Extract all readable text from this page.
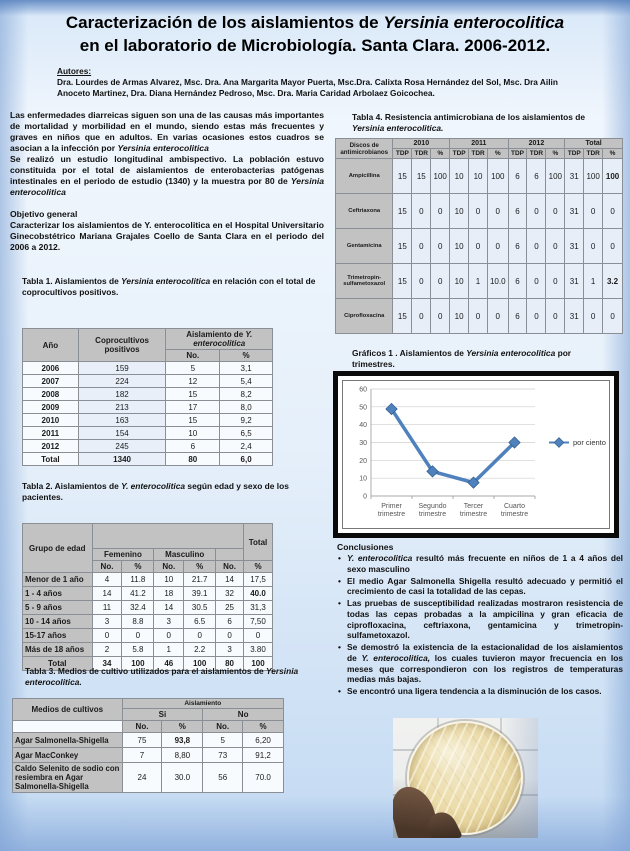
Caracterización de los aislamientos de Yersinia enterocolitica
en el laboratorio de Microbiología. Santa Clara. 2006-2012.
Autores:
Dra. Lourdes de Armas Alvarez, Msc. Dra. Ana Margarita Mayor Puerta, Msc.Dra. Calixta Rosa Hernández del Sol, Msc. Dra Ailin Anoceto Martinez, Dra. Diana Hernández Pedroso, Msc. Dra. Maria Caridad Arbolaez Goicochea.
Las enfermedades diarreicas siguen son una de las causas más importantes de mortalidad y morbilidad en el mundo, siendo estas más frecuentes y graves en niños que en adultos. En varias ocasiones estos cuadros se asocian a la infección por Yersinia enterocolitica
Se realizó un estudio longitudinal ambispectivo. La población estuvo constituida por el total de aislamientos de enterobacterias patógenas intestinales en el periodo de estudio (1340) y la muestra por 80 de Yersinia enterocolitica
Objetivo general
Caracterizar los aislamientos de Y. enterocolitica en el Hospital Universitario Ginecobstétrico Mariana Grajales Coello de Santa Clara en el periodo del 2006 a 2012.
Tabla 1. Aislamientos de Yersinia enterocolitica en relación con el total de coprocultivos positivos.
Año	Coprocultivos positivos	Aislamiento de Y. enterocolitica	
		No.	%
2006	159	5	3,1
2007	224	12	5,4
2008	182	15	8,2
2009	213	17	8,0
2010	163	15	9,2
2011	154	10	6,5
2012	245	6	2,4
Total	1340	80	6,0
Tabla 2. Aislamientos de Y. enterocolitica según edad y sexo de los pacientes.
Grupo de edad						Total
	Femenino		Masculino			
	No.	%	No.	%	No.	%
Menor de 1 año	4	11.8	10	21.7	14	17,5
1 - 4 años	14	41.2	18	39.1	32	40.0
5 - 9 años	11	32.4	14	30.5	25	31,3
10 - 14 años	3	8.8	3	6.5	6	7,50
15-17 años	0	0	0	0	0	0
Más de 18 años	2	5.8	1	2.2	3	3.80
Total	34	100	46	100	80	100
Tabla 3. Medios de cultivo utilizados para el aislamientos de Yersinia enterocolitica.
Medios de cultivos	Aislamiento			
	Si		No	
	No.	%	No.	%
Agar Salmonella-Shigella	75	93,8	5	6,20
Agar MacConkey	7	8,80	73	91,2
Caldo Selenito de sodio con resiembra en Agar Salmonella-Shigella	24	30.0	56	70.0
Tabla 4. Resistencia antimicrobiana de los aislamientos de Yersinia enterocolitica.
Discos de antimicrobianos	2010			2011			2012			Total		
	TDP	TDR	%	TDP	TDR	%	TDP	TDR	%	TDP	TDR	%
Ampicillina	15	15	100	10	10	100	6	6	100	31	100	100
Ceftriaxona	15	0	0	10	0	0	6	0	0	31	0	0
Gentamicina	15	0	0	10	0	0	6	0	0	31	0	0
Trimetropin-sulfametoxazol	15	0	0	10	1	10.0	6	0	0	31	1	3.2
Ciprofloxacina	15	0	0	10	0	0	6	0	0	31	0	0
Gráficos 1 . Aislamientos de Yersinia enterocolitica por trimestres.
0
10
20
30
40
50
60
Primer
trimestre
Segundo
trimestre
Tercer
trimestre
Cuarto
trimestre
por ciento
Conclusiones
• Y. enterocolitica resultó más frecuente en niños de 1 a 4 años del sexo masculino
• El medio Agar Salmonella Shigella resultó adecuado y permitió el crecimiento de casi la totalidad de las cepas.
• Las pruebas de susceptibilidad realizadas mostraron resistencia de todas las cepas probadas a la ampicilina y gran eficacia de ciprofloxacina, ceftriaxona, gentamicina y trimetropin-sulfametoxazol.
• Se demostró la existencia de la estacionalidad de los aislamientos de Y. enterocolitica, los cuales tuvieron mayor frecuencia en los meses que correspondieron con los registros de temperaturas medias más bajas.
• Se encontró una ligera tendencia a la disminución de los casos.
